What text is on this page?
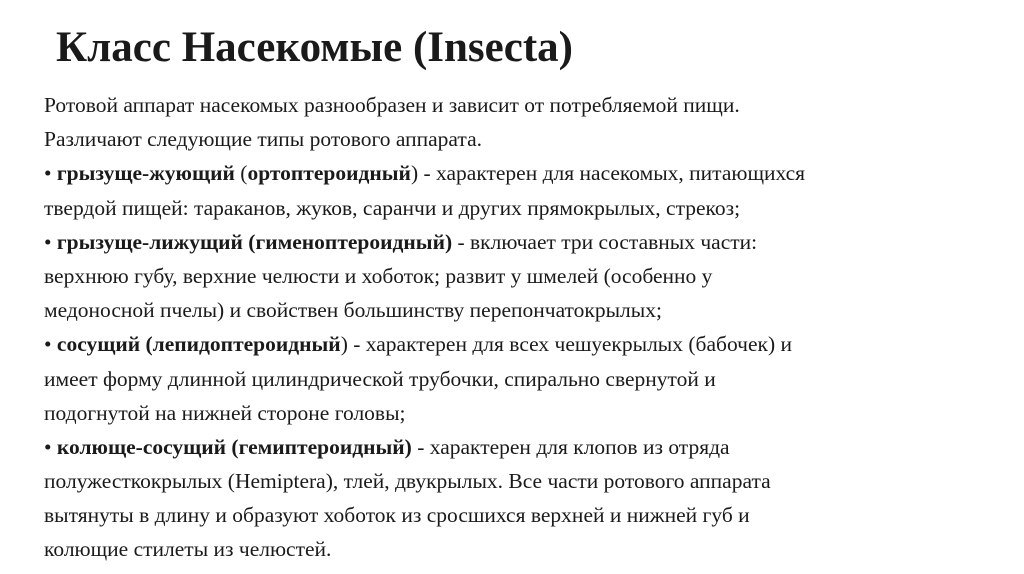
Класс Насекомые (Insecta)
Ротовой аппарат насекомых разнообразен и зависит от потребляемой пищи.
Различают следующие типы ротового аппарата.
• грызуще-жующий (ортоптероидный) - характерен для насекомых, питающихся
твердой пищей: тараканов, жуков, саранчи и других прямокрылых, стрекоз;
• грызуще-лижущий (гименоптероидный) - включает три составных части:
верхнюю губу, верхние челюсти и хоботок; развит у шмелей (особенно у
медоносной пчелы) и свойствен большинству перепончатокрылых;
• сосущий (лепидоптероидный) - характерен для всех чешуекрылых (бабочек) и
имеет форму длинной цилиндрической трубочки, спирально свернутой и
подогнутой на нижней стороне головы;
• колюще-сосущий (гемиптероидный) - характерен для клопов из отряда
полужесткокрылых (Hemiptera), тлей, двукрылых. Все части ротового аппарата
вытянуты в длину и образуют хоботок из сросшихся верхней и нижней губ и
колющие стилеты из челюстей.
